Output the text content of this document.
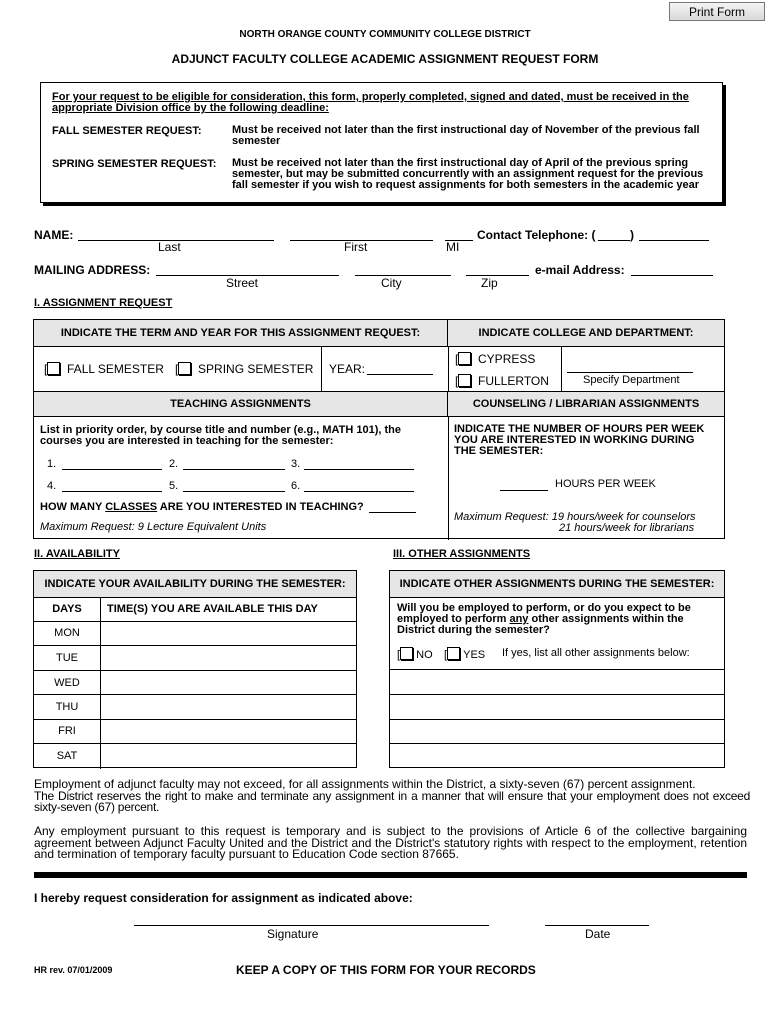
Print Form
NORTH ORANGE COUNTY COMMUNITY COLLEGE DISTRICT
ADJUNCT FACULTY COLLEGE ACADEMIC ASSIGNMENT REQUEST FORM
For your request to be eligible for consideration, this form, properly completed, signed and dated, must be received in the appropriate Division office by the following deadline:
FALL SEMESTER REQUEST:	Must be received not later than the first instructional day of November of the previous fall semester
SPRING SEMESTER REQUEST: Must be received not later than the first instructional day of April of the previous spring semester, but may be submitted concurrently with an assignment request for the previous fall semester if you wish to request assignments for both semesters in the academic year
NAME:
Last	First	MI
Contact Telephone: (	)
MAILING ADDRESS:
Street	City	Zip
e-mail Address:
I. ASSIGNMENT REQUEST
INDICATE THE TERM AND YEAR FOR THIS ASSIGNMENT REQUEST:	INDICATE COLLEGE AND DEPARTMENT:
[ FALL SEMESTER [ SPRING SEMESTER YEAR:
[ CYPRESS
[ FULLERTON	Specify Department
TEACHING ASSIGNMENTS	COUNSELING / LIBRARIAN ASSIGNMENTS
List in priority order, by course title and number (e.g., MATH 101), the courses you are interested in teaching for the semester:
1.	2.	3.
4.	5.	6.
HOW MANY CLASSES ARE YOU INTERESTED IN TEACHING?
Maximum Request: 9 Lecture Equivalent Units
INDICATE THE NUMBER OF HOURS PER WEEK YOU ARE INTERESTED IN WORKING DURING THE SEMESTER:
HOURS PER WEEK
Maximum Request: 19 hours/week for counselors
21 hours/week for librarians
II. AVAILABILITY	III. OTHER ASSIGNMENTS
INDICATE YOUR AVAILABILITY DURING THE SEMESTER:
DAYS	TIME(S) YOU ARE AVAILABLE THIS DAY
MON
TUE
WED
THU
FRI
SAT
INDICATE OTHER ASSIGNMENTS DURING THE SEMESTER:
Will you be employed to perform, or do you expect to be employed to perform any other assignments within the District during the semester?
[ NO [ YES If yes, list all other assignments below:
Employment of adjunct faculty may not exceed, for all assignments within the District, a sixty-seven (67) percent assignment.
The District reserves the right to make and terminate any assignment in a manner that will ensure that your employment does not exceed sixty-seven (67) percent.
Any employment pursuant to this request is temporary and is subject to the provisions of Article 6 of the collective bargaining agreement between Adjunct Faculty United and the District and the District's statutory rights with respect to the employment, retention and termination of temporary faculty pursuant to Education Code section 87665.
I hereby request consideration for assignment as indicated above:
Signature	Date
HR rev. 07/01/2009	KEEP A COPY OF THIS FORM FOR YOUR RECORDS
